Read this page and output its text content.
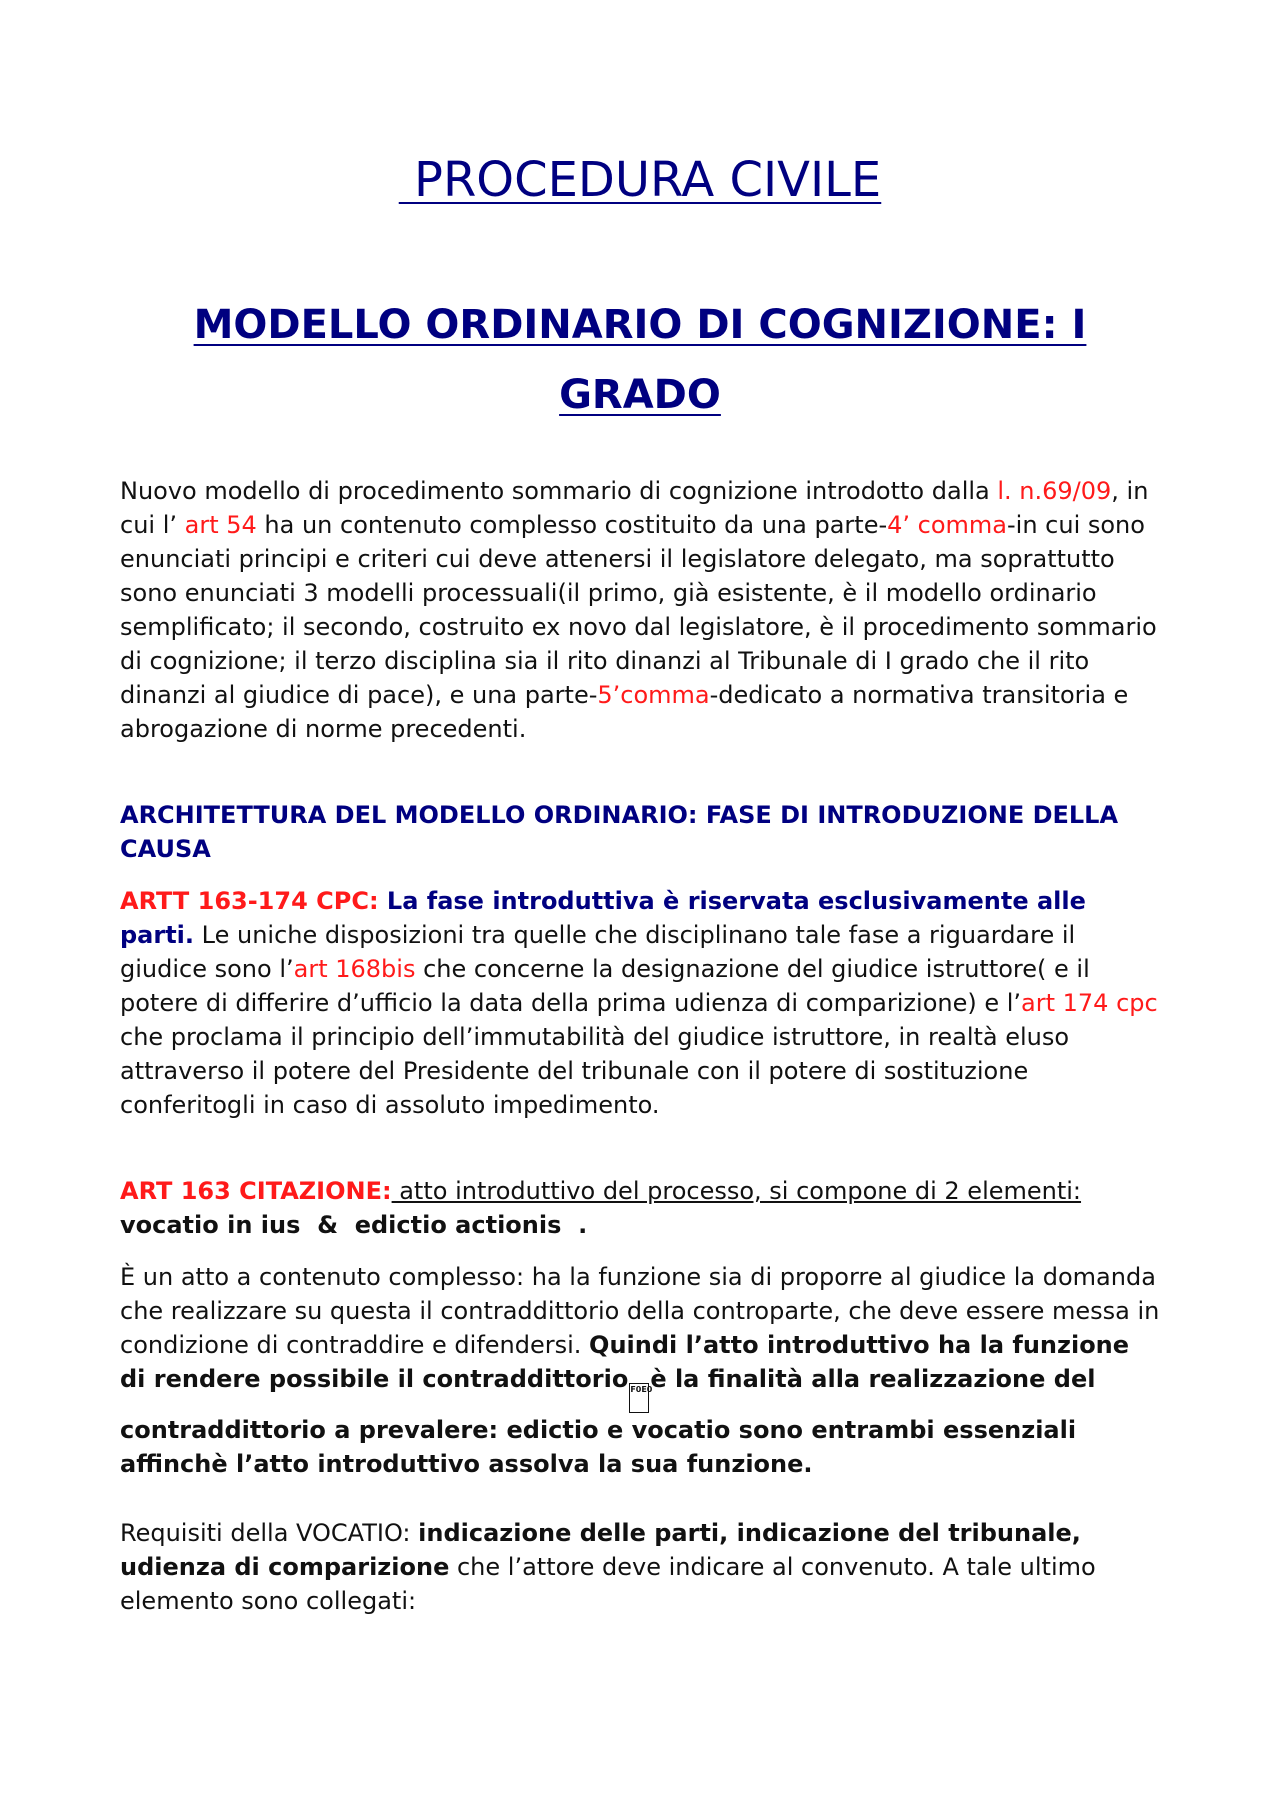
PROCEDURA CIVILE
MODELLO ORDINARIO DI COGNIZIONE: I GRADO
Nuovo modello di procedimento sommario di cognizione introdotto dalla l. n.69/09, in cui l’ art 54 ha un contenuto complesso costituito da una parte-4’ comma-in cui sono enunciati principi e criteri cui deve attenersi il legislatore delegato, ma soprattutto sono enunciati 3 modelli processuali(il primo, già esistente, è il modello ordinario semplificato; il secondo, costruito ex novo dal legislatore, è il procedimento sommario di cognizione; il terzo disciplina sia il rito dinanzi al Tribunale di I grado che il rito dinanzi al giudice di pace), e una parte-5’comma-dedicato a normativa transitoria e abrogazione di norme precedenti.
ARCHITETTURA DEL MODELLO ORDINARIO: FASE DI INTRODUZIONE DELLA CAUSA
ARTT 163-174 CPC: La fase introduttiva è riservata esclusivamente alle parti. Le uniche disposizioni tra quelle che disciplinano tale fase a riguardare il giudice sono l’art 168bis che concerne la designazione del giudice istruttore( e il potere di differire d’ufficio la data della prima udienza di comparizione) e l’art 174 cpc che proclama il principio dell’immutabilità del giudice istruttore, in realtà eluso attraverso il potere del Presidente del tribunale con il potere di sostituzione conferitogli in caso di assoluto impedimento.
ART 163 CITAZIONE: atto introduttivo del processo, si compone di 2 elementi:
vocatio in ius  &  edictio actionis  .
È un atto a contenuto complesso: ha la funzione sia di proporre al giudice la domanda che realizzare su questa il contraddittorio della controparte, che deve essere messa in condizione di contraddire e difendersi. Quindi l’atto introduttivo ha la funzione di rendere possibile il contraddittorio F0E0è la finalità alla realizzazione del contraddittorio a prevalere: edictio e vocatio sono entrambi essenziali affinchè l’atto introduttivo assolva la sua funzione.
Requisiti della VOCATIO: indicazione delle parti, indicazione del tribunale, udienza di comparizione che l’attore deve indicare al convenuto. A tale ultimo elemento sono collegati:
